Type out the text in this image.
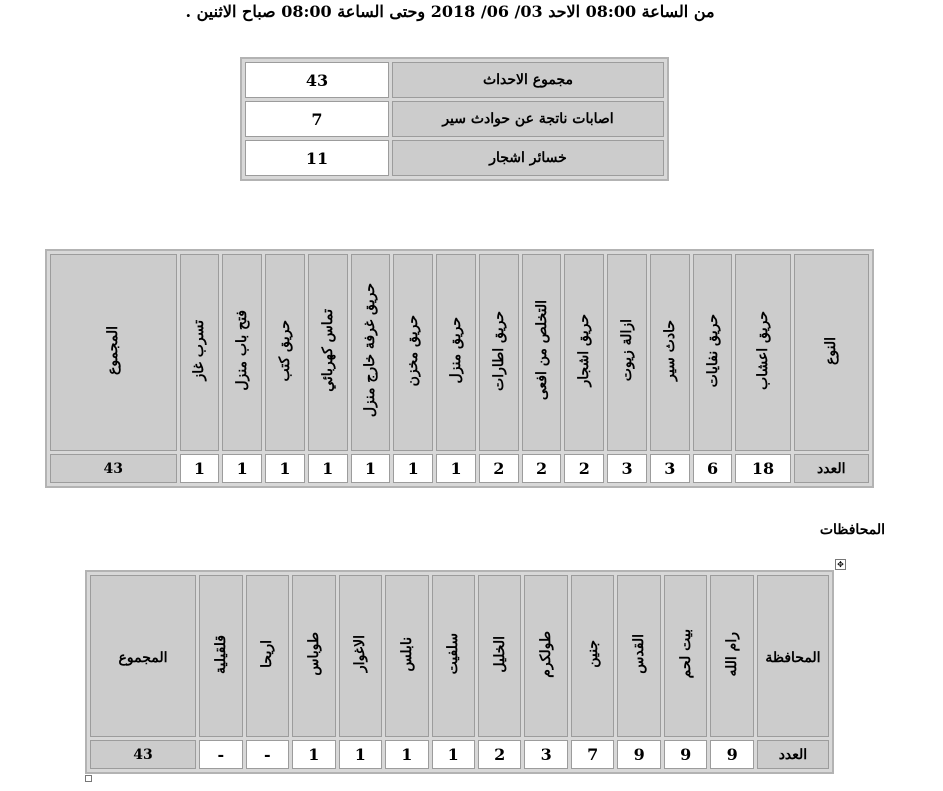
من الساعة 08:00 الاحد 03/ 06/ 2018 وحتى الساعة 08:00 صباح الاثنين .
مجموع الاحداث	43
اصابات ناتجة عن حوادث سير	7
خسائر اشجار	11
النوع	حريق اعشاب	حريق نفايات	حادث سير	ازالة زيوت	حريق اشجار	التخلص من افعى	حريق اطارات	حريق منزل	حريق مخزن	حريق غرفة خارج منزل	تماس كهربائي	حريق كتب	فتح باب منزل	تسرب غاز	المجموع
العدد	18	6	3	3	2	2	2	1	1	1	1	1	1	1	43
المحافظات
✥
المحافظة	رام الله	بيت لحم	القدس	جنين	طولكرم	الخليل	سلفيت	نابلس	الاغوار	طوباس	اريحا	قلقيلية	المجموع
العدد	9	9	9	7	3	2	1	1	1	1	-	-	43
